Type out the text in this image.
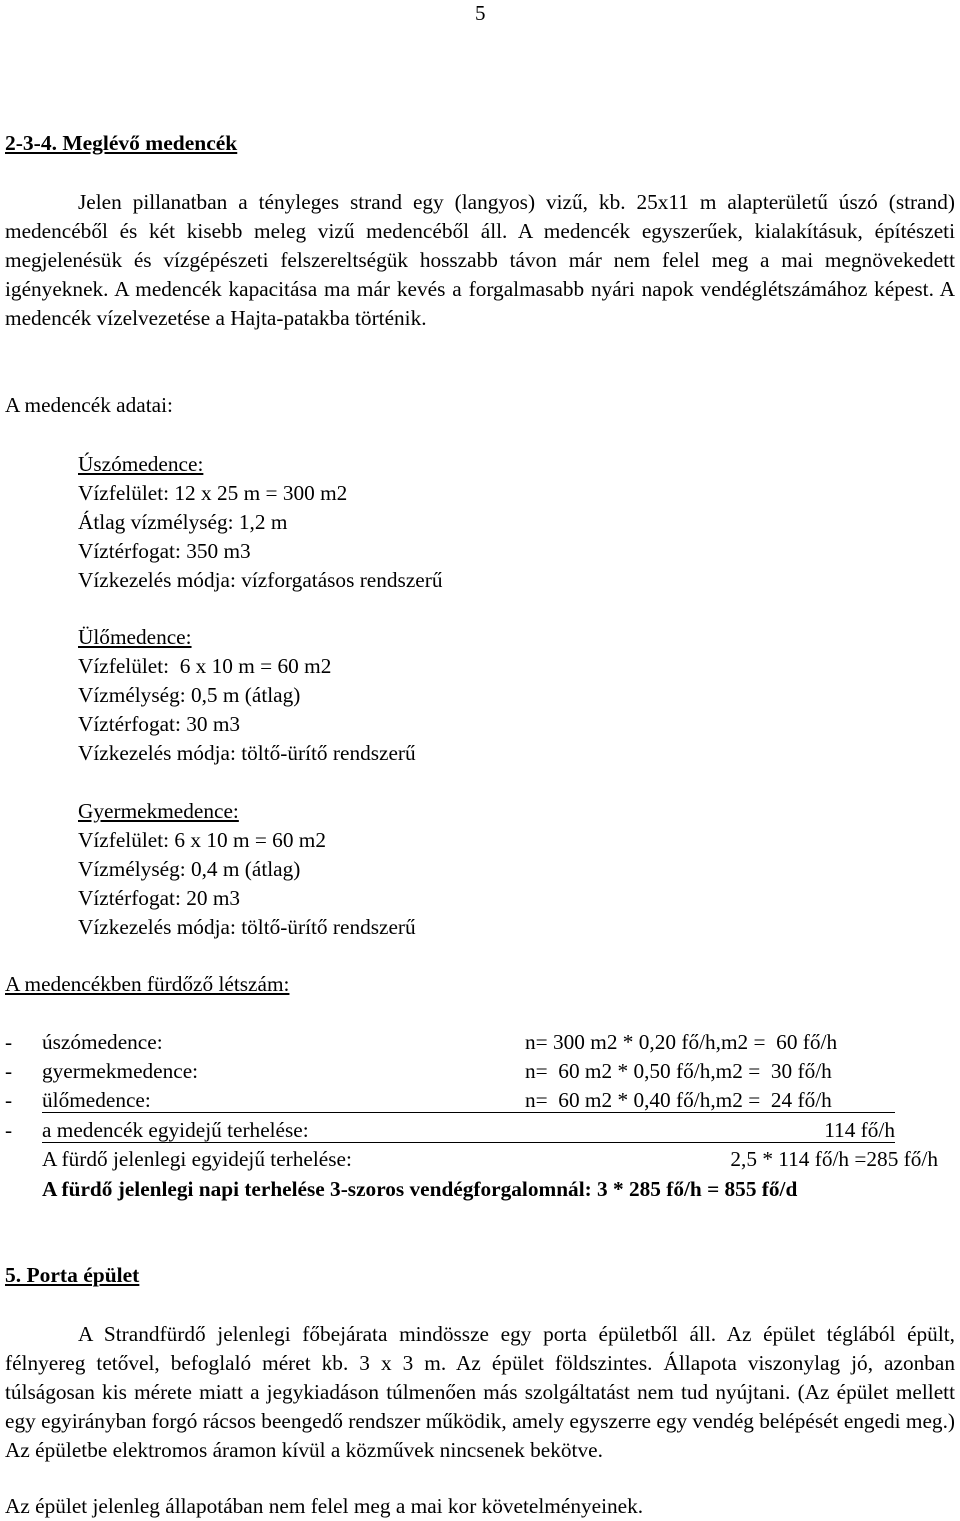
5
2-3-4. Meglévő medencék
Jelen pillanatban a tényleges strand egy (langyos) vizű, kb. 25x11 m alapterületű úszó (strand) medencéből és két kisebb meleg vizű medencéből áll. A medencék egyszerűek, kialakításuk, építészeti megjelenésük és vízgépészeti felszereltségük hosszabb távon már nem felel meg a mai megnövekedett igényeknek. A medencék kapacitása ma már kevés a forgalmasabb nyári napok vendéglétszámához képest. A medencék vízelvezetése a Hajta-patakba történik.
A medencék adatai:
Úszómedence:
Vízfelület: 12 x 25 m = 300 m2
Átlag vízmélység: 1,2 m
Víztérfogat: 350 m3
Vízkezelés módja: vízforgatásos rendszerű
Ülőmedence:
Vízfelület:  6 x 10 m = 60 m2
Vízmélység: 0,5 m (átlag)
Víztérfogat: 30 m3
Vízkezelés módja: töltő-ürítő rendszerű
Gyermekmedence:
Vízfelület: 6 x 10 m = 60 m2
Vízmélység: 0,4 m (átlag)
Víztérfogat: 20 m3
Vízkezelés módja: töltő-ürítő rendszerű
A medencékben fürdőző létszám:
- úszómedence:	n= 300 m2 * 0,20 fő/h,m2 =  60 fő/h
- gyermekmedence:	n=  60 m2 * 0,50 fő/h,m2 =  30 fő/h
- ülőmedence:	n=  60 m2 * 0,40 fő/h,m2 =  24 fő/h
- a medencék egyidejű terhelése:	114 fő/h
A fürdő jelenlegi egyidejű terhelése:	2,5 * 114 fő/h =285 fő/h
A fürdő jelenlegi napi terhelése 3-szoros vendégforgalomnál: 3 * 285 fő/h = 855 fő/d
5. Porta épület
A Strandfürdő jelenlegi főbejárata mindössze egy porta épületből áll. Az épület téglából épült, félnyereg tetővel, befoglaló méret kb. 3 x 3 m. Az épület földszintes. Állapota viszonylag jó, azonban túlságosan kis mérete miatt a jegykiadáson túlmenően más szolgáltatást nem tud nyújtani. (Az épület mellett egy egyirányban forgó rácsos beengedő rendszer működik, amely egyszerre egy vendég belépését engedi meg.) Az épületbe elektromos áramon kívül a közművek nincsenek bekötve.
Az épület jelenleg állapotában nem felel meg a mai kor követelményeinek.
